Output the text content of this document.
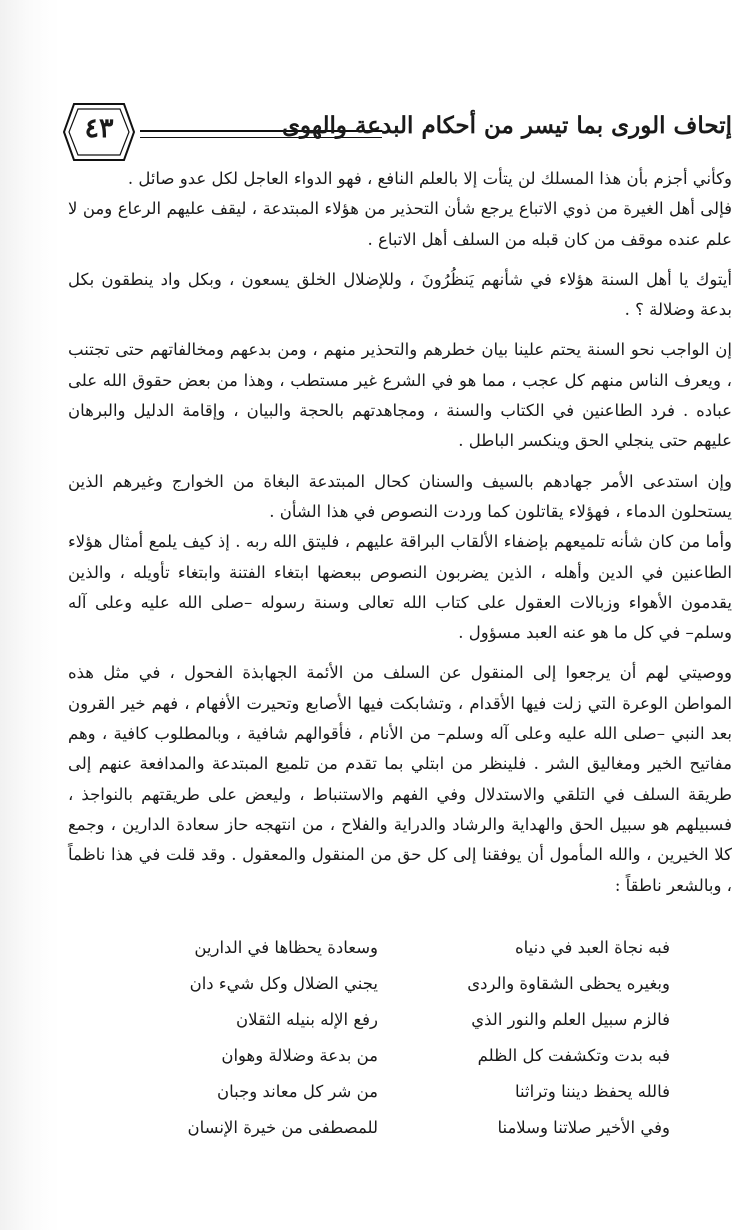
٤٣	إتحاف الورى بما تيسر من أحكام البدعة والهوى

وكأني أجزم بأن هذا المسلك لن يتأت إلا بالعلم النافع ، فهو الدواء العاجل لكل عدو صائل .

فإلى أهل الغيرة من ذوي الاتباع يرجع شأن التحذير من هؤلاء المبتدعة ، ليقف عليهم الرعاع ومن لا علم عنده موقف من كان قبله من السلف أهل الاتباع .

أيتوك يا أهل السنة هؤلاء في شأنهم يَنظُرُونَ ، وللإضلال الخلق يسعون ، وبكل واد ينطقون بكل بدعة وضلالة ؟ .

إن الواجب نحو السنة يحتم علينا بيان خطرهم والتحذير منهم ، ومن بدعهم ومخالفاتهم حتى تجتنب ، ويعرف الناس منهم كل عجب ، مما هو في الشرع غير مستطب ، وهذا من بعض حقوق الله على عباده . فرد الطاعنين في الكتاب والسنة ، ومجاهدتهم بالحجة والبيان ، وإقامة الدليل والبرهان عليهم حتى ينجلي الحق وينكسر الباطل .

وإن استدعى الأمر جهادهم بالسيف والسنان كحال المبتدعة البغاة من الخوارج وغيرهم الذين يستحلون الدماء ، فهؤلاء يقاتلون كما وردت النصوص في هذا الشأن .

وأما من كان شأنه تلميعهم بإضفاء الألقاب البراقة عليهم ، فليتق الله ربه . إذ كيف يلمع أمثال هؤلاء الطاعنين في الدين وأهله ، الذين يضربون النصوص ببعضها ابتغاء الفتنة وابتغاء تأويله ، والذين يقدمون الأهواء وزبالات العقول على كتاب الله تعالى وسنة رسوله –صلى الله عليه وعلى آله وسلم– في كل ما هو عنه العبد مسؤول .

ووصيتي لهم أن يرجعوا إلى المنقول عن السلف من الأئمة الجهابذة الفحول ، في مثل هذه المواطن الوعرة التي زلت فيها الأقدام ، وتشابكت فيها الأصابع وتحيرت الأفهام ، فهم خير القرون بعد النبي –صلى الله عليه وعلى آله وسلم– من الأنام ، فأقوالهم شافية ، وبالمطلوب كافية ، وهم مفاتيح الخير ومغاليق الشر . فلينظر من ابتلي بما تقدم من تلميع المبتدعة والمدافعة عنهم إلى طريقة السلف في التلقي والاستدلال وفي الفهم والاستنباط ، وليعض على طريقتهم بالنواجذ ، فسبيلهم هو سبيل الحق والهداية والرشاد والدراية والفلاح ، من انتهجه حاز سعادة الدارين ، وجمع كلا الخيرين ، والله المأمول أن يوفقنا إلى كل حق من المنقول والمعقول . وقد قلت في هذا ناظماً ، وبالشعر ناطقاً :

فبه نجاة العبد في دنياه
وسعادة يحظاها في الدارين
وبغيره يحظى الشقاوة والردى
يجني الضلال وكل شيء دان
فالزم سبيل العلم والنور الذي
رفع الإله بنيله الثقلان
فبه بدت وتكشفت كل الظلم
من بدعة وضلالة وهوان
فالله يحفظ ديننا وتراثنا
من شر كل معاند وجبان
وفي الأخير صلاتنا وسلامنا
للمصطفى من خيرة الإنسان
